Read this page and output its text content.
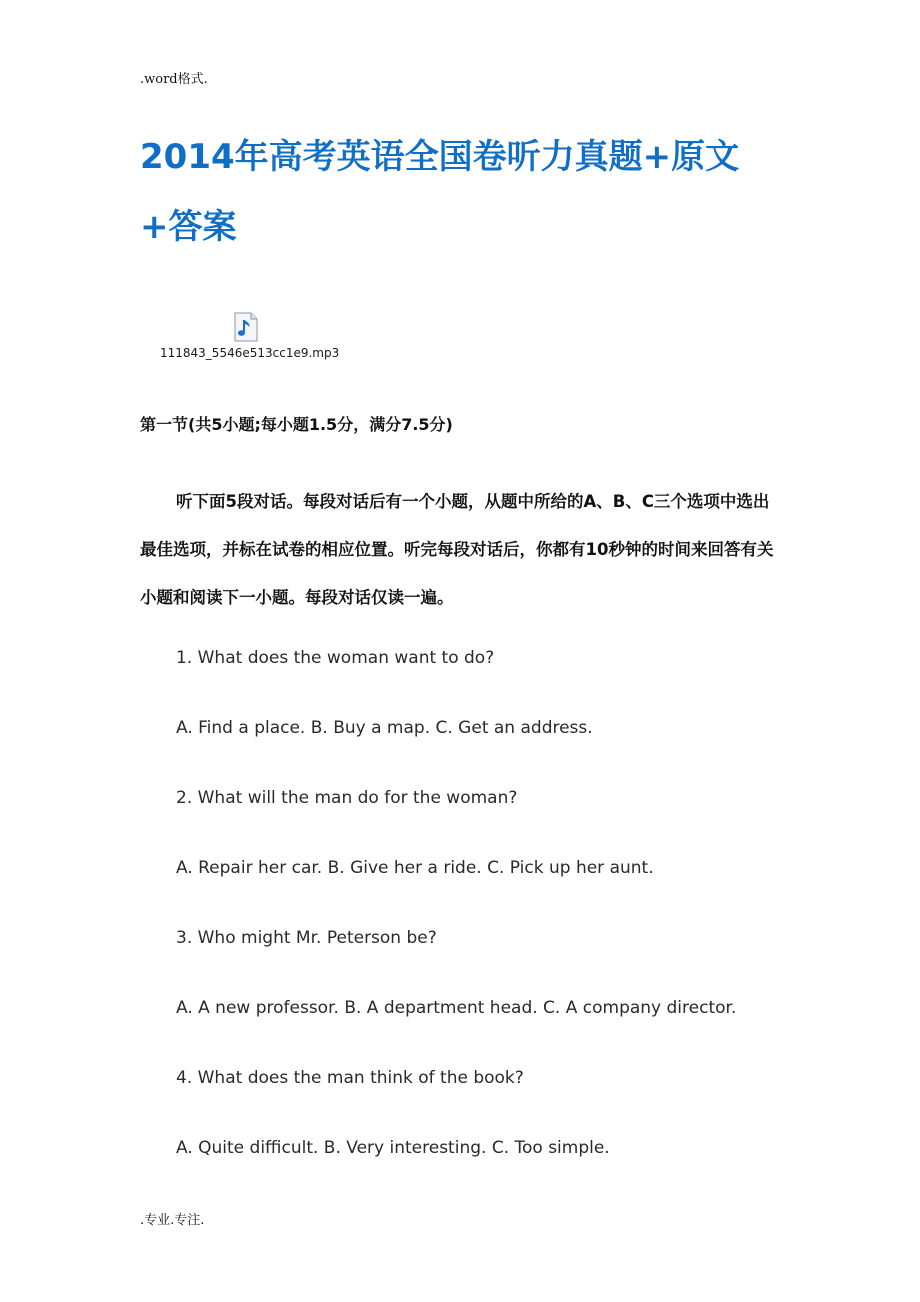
.word格式.
2014年高考英语全国卷听力真题+原文+答案
111843_5546e513cc1e9.mp3
第一节(共5小题;每小题1.5分，满分7.5分)

听下面5段对话。每段对话后有一个小题，从题中所给的A、B、C三个选项中选出最佳选项，并标在试卷的相应位置。听完每段对话后，你都有10秒钟的时间来回答有关小题和阅读下一小题。每段对话仅读一遍。

1. What does the woman want to do?
A. Find a place. B. Buy a map. C. Get an address.
2. What will the man do for the woman?
A. Repair her car. B. Give her a ride. C. Pick up her aunt.
3. Who might Mr. Peterson be?
A. A new professor. B. A department head. C. A company director.
4. What does the man think of the book?
A. Quite difficult. B. Very interesting. C. Too simple.
.专业.专注.
